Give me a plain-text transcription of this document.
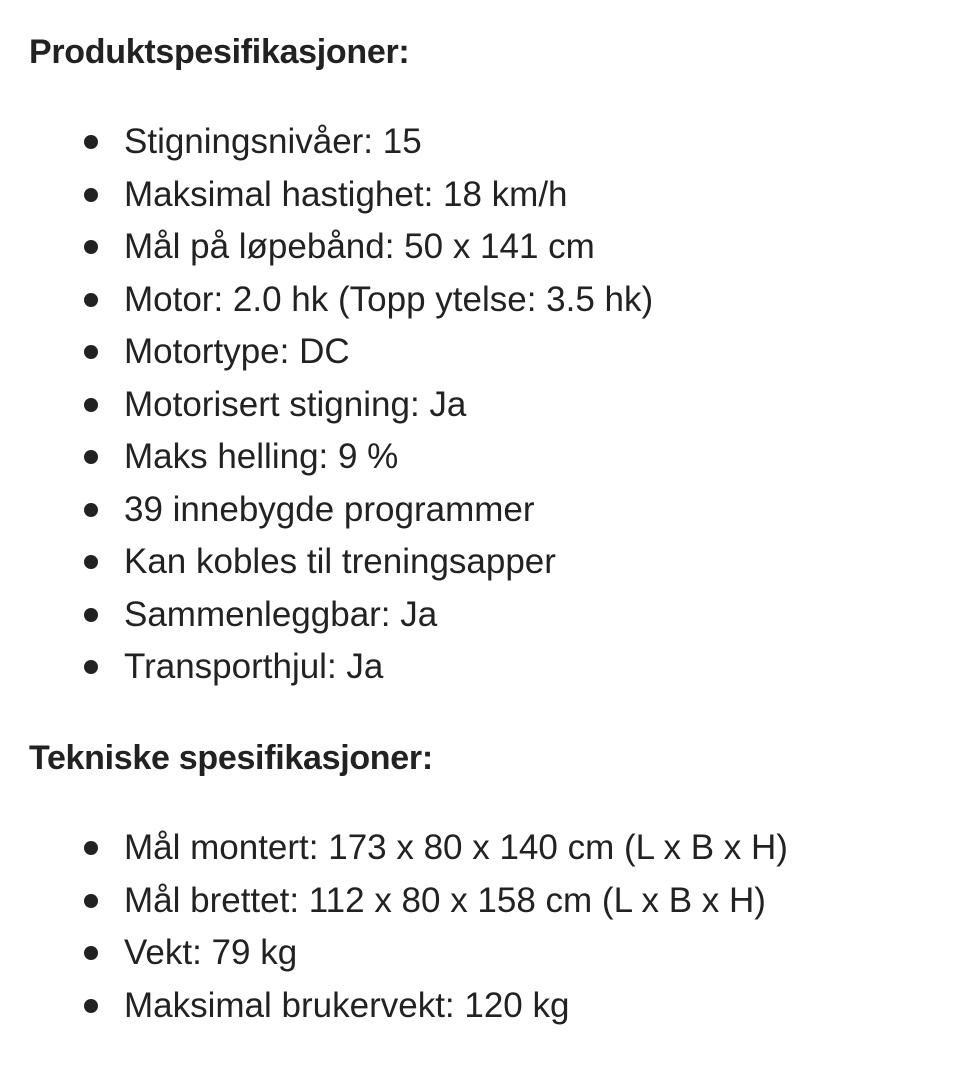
Produktspesifikasjoner:
Stigningsnivåer: 15
Maksimal hastighet: 18 km/h
Mål på løpebånd: 50 x 141 cm
Motor: 2.0 hk (Topp ytelse: 3.5 hk)
Motortype: DC
Motorisert stigning: Ja
Maks helling: 9 %
39 innebygde programmer
Kan kobles til treningsapper
Sammenleggbar: Ja
Transporthjul: Ja
Tekniske spesifikasjoner:
Mål montert: 173 x 80 x 140 cm (L x B x H)
Mål brettet: 112 x 80 x 158 cm (L x B x H)
Vekt: 79 kg
Maksimal brukervekt: 120 kg
